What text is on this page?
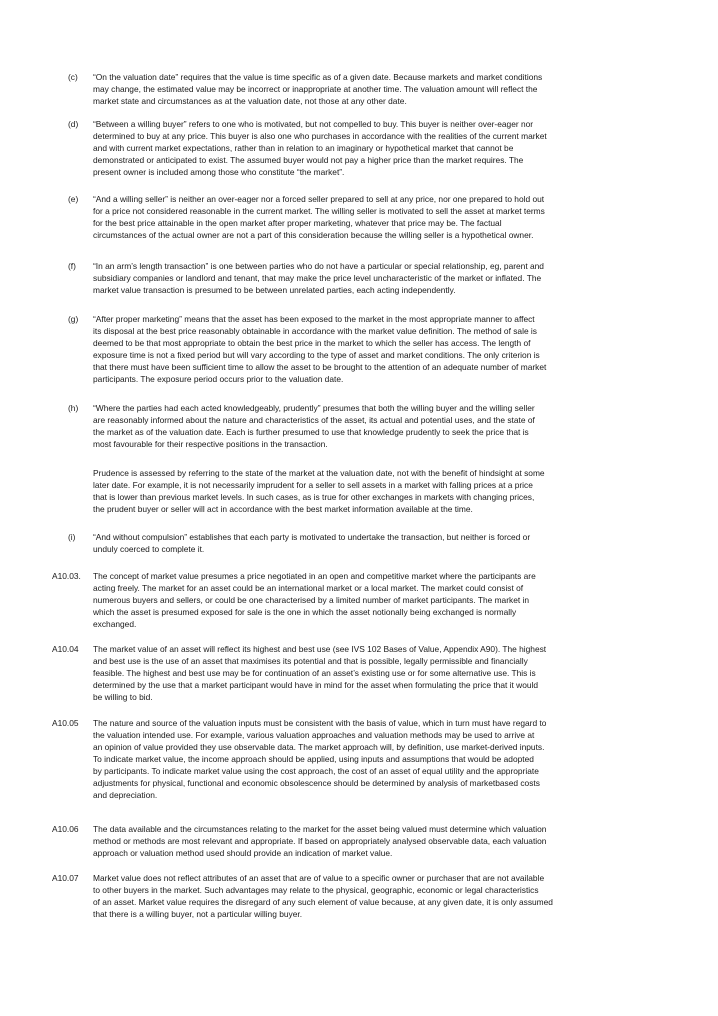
(c) “On the valuation date” requires that the value is time specific as of a given date. Because markets and market conditions
may change, the estimated value may be incorrect or inappropriate at another time. The valuation amount will reflect the
market state and circumstances as at the valuation date, not those at any other date.
(d) “Between a willing buyer” refers to one who is motivated, but not compelled to buy. This buyer is neither over-eager nor
determined to buy at any price. This buyer is also one who purchases in accordance with the realities of the current market
and with current market expectations, rather than in relation to an imaginary or hypothetical market that cannot be
demonstrated or anticipated to exist. The assumed buyer would not pay a higher price than the market requires. The
present owner is included among those who constitute “the market”.
(e) “And a willing seller” is neither an over-eager nor a forced seller prepared to sell at any price, nor one prepared to hold out
for a price not considered reasonable in the current market. The willing seller is motivated to sell the asset at market terms
for the best price attainable in the open market after proper marketing, whatever that price may be. The factual
circumstances of the actual owner are not a part of this consideration because the willing seller is a hypothetical owner.
(f) “In an arm’s length transaction” is one between parties who do not have a particular or special relationship, eg, parent and
subsidiary companies or landlord and tenant, that may make the price level uncharacteristic of the market or inflated. The
market value transaction is presumed to be between unrelated parties, each acting independently.
(g) “After proper marketing” means that the asset has been exposed to the market in the most appropriate manner to affect
its disposal at the best price reasonably obtainable in accordance with the market value definition. The method of sale is
deemed to be that most appropriate to obtain the best price in the market to which the seller has access. The length of
exposure time is not a fixed period but will vary according to the type of asset and market conditions. The only criterion is
that there must have been sufficient time to allow the asset to be brought to the attention of an adequate number of market
participants. The exposure period occurs prior to the valuation date.
(h) “Where the parties had each acted knowledgeably, prudently” presumes that both the willing buyer and the willing seller
are reasonably informed about the nature and characteristics of the asset, its actual and potential uses, and the state of
the market as of the valuation date. Each is further presumed to use that knowledge prudently to seek the price that is
most favourable for their respective positions in the transaction.
Prudence is assessed by referring to the state of the market at the valuation date, not with the benefit of hindsight at some
later date. For example, it is not necessarily imprudent for a seller to sell assets in a market with falling prices at a price
that is lower than previous market levels. In such cases, as is true for other exchanges in markets with changing prices,
the prudent buyer or seller will act in accordance with the best market information available at the time.
(i) “And without compulsion” establishes that each party is motivated to undertake the transaction, but neither is forced or
unduly coerced to complete it.
A10.03. The concept of market value presumes a price negotiated in an open and competitive market where the participants are
acting freely. The market for an asset could be an international market or a local market. The market could consist of
numerous buyers and sellers, or could be one characterised by a limited number of market participants. The market in
which the asset is presumed exposed for sale is the one in which the asset notionally being exchanged is normally
exchanged.
A10.04 The market value of an asset will reflect its highest and best use (see IVS 102 Bases of Value, Appendix A90). The highest
and best use is the use of an asset that maximises its potential and that is possible, legally permissible and financially
feasible. The highest and best use may be for continuation of an asset’s existing use or for some alternative use. This is
determined by the use that a market participant would have in mind for the asset when formulating the price that it would
be willing to bid.
A10.05 The nature and source of the valuation inputs must be consistent with the basis of value, which in turn must have regard to
the valuation intended use. For example, various valuation approaches and valuation methods may be used to arrive at
an opinion of value provided they use observable data. The market approach will, by definition, use market-derived inputs.
To indicate market value, the income approach should be applied, using inputs and assumptions that would be adopted
by participants. To indicate market value using the cost approach, the cost of an asset of equal utility and the appropriate
adjustments for physical, functional and economic obsolescence should be determined by analysis of marketbased costs
and depreciation.
A10.06 The data available and the circumstances relating to the market for the asset being valued must determine which valuation
method or methods are most relevant and appropriate. If based on appropriately analysed observable data, each valuation
approach or valuation method used should provide an indication of market value.
A10.07 Market value does not reflect attributes of an asset that are of value to a specific owner or purchaser that are not available
to other buyers in the market. Such advantages may relate to the physical, geographic, economic or legal characteristics
of an asset. Market value requires the disregard of any such element of value because, at any given date, it is only assumed
that there is a willing buyer, not a particular willing buyer.
